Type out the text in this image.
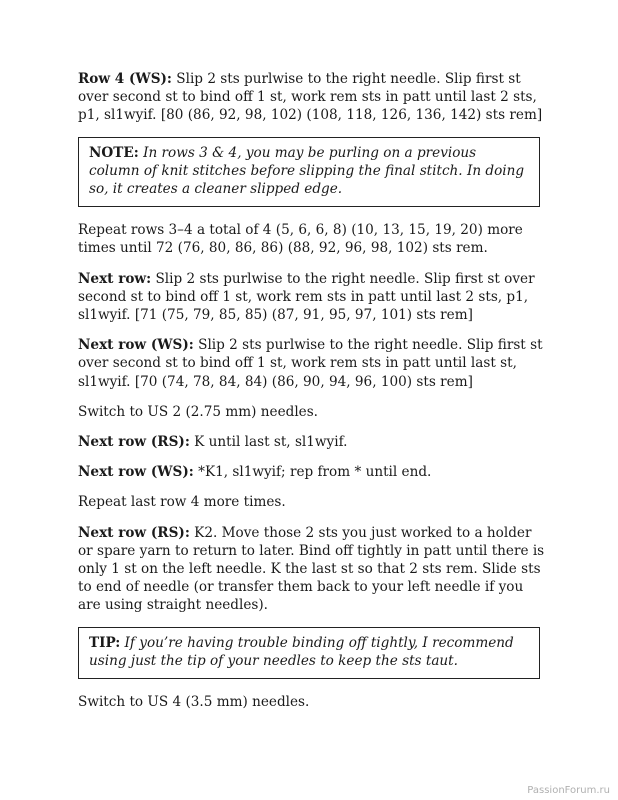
Row 4 (WS): Slip 2 sts purlwise to the right needle. Slip first st over second st to bind off 1 st, work rem sts in patt until last 2 sts, p1, sl1wyif. [80 (86, 92, 98, 102) (108, 118, 126, 136, 142) sts rem]

NOTE: In rows 3 & 4, you may be purling on a previous column of knit stitches before slipping the final stitch. In doing so, it creates a cleaner slipped edge.

Repeat rows 3–4 a total of 4 (5, 6, 6, 8) (10, 13, 15, 19, 20) more times until 72 (76, 80, 86, 86) (88, 92, 96, 98, 102) sts rem.

Next row: Slip 2 sts purlwise to the right needle. Slip first st over second st to bind off 1 st, work rem sts in patt until last 2 sts, p1, sl1wyif. [71 (75, 79, 85, 85) (87, 91, 95, 97, 101) sts rem]

Next row (WS): Slip 2 sts purlwise to the right needle. Slip first st over second st to bind off 1 st, work rem sts in patt until last st, sl1wyif. [70 (74, 78, 84, 84) (86, 90, 94, 96, 100) sts rem]

Switch to US 2 (2.75 mm) needles.

Next row (RS): K until last st, sl1wyif.

Next row (WS): *K1, sl1wyif; rep from * until end.

Repeat last row 4 more times.

Next row (RS): K2. Move those 2 sts you just worked to a holder or spare yarn to return to later. Bind off tightly in patt until there is only 1 st on the left needle. K the last st so that 2 sts rem. Slide sts to end of needle (or transfer them back to your left needle if you are using straight needles).

TIP: If you’re having trouble binding off tightly, I recommend using just the tip of your needles to keep the sts taut.

Switch to US 4 (3.5 mm) needles.

PassionForum.ru
